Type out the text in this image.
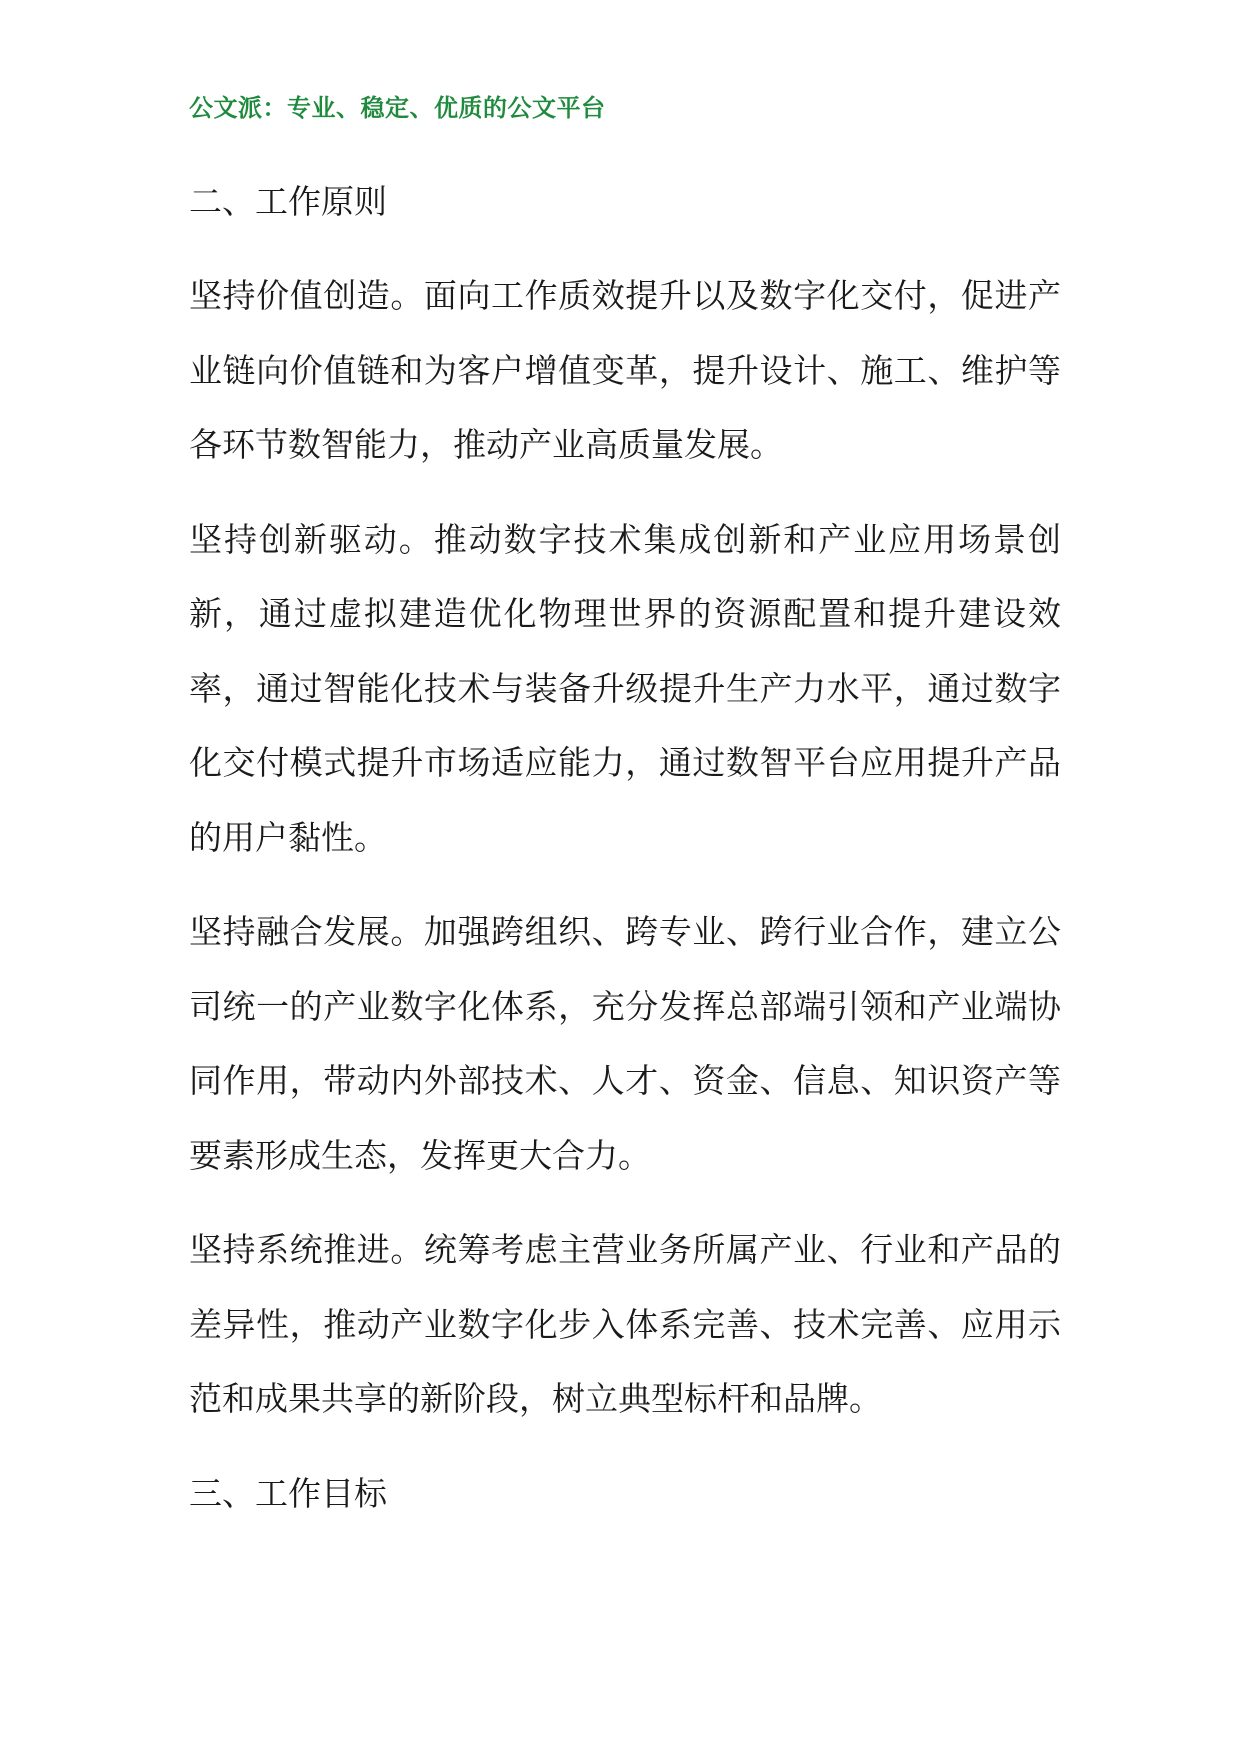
公文派：专业、稳定、优质的公文平台
二、工作原则

坚持价值创造。面向工作质效提升以及数字化交付，促进产业链向价值链和为客户增值变革，提升设计、施工、维护等各环节数智能力，推动产业高质量发展。

坚持创新驱动。推动数字技术集成创新和产业应用场景创新，通过虚拟建造优化物理世界的资源配置和提升建设效率，通过智能化技术与装备升级提升生产力水平，通过数字化交付模式提升市场适应能力，通过数智平台应用提升产品的用户黏性。

坚持融合发展。加强跨组织、跨专业、跨行业合作，建立公司统一的产业数字化体系，充分发挥总部端引领和产业端协同作用，带动内外部技术、人才、资金、信息、知识资产等要素形成生态，发挥更大合力。

坚持系统推进。统筹考虑主营业务所属产业、行业和产品的差异性，推动产业数字化步入体系完善、技术完善、应用示范和成果共享的新阶段，树立典型标杆和品牌。

三、工作目标
